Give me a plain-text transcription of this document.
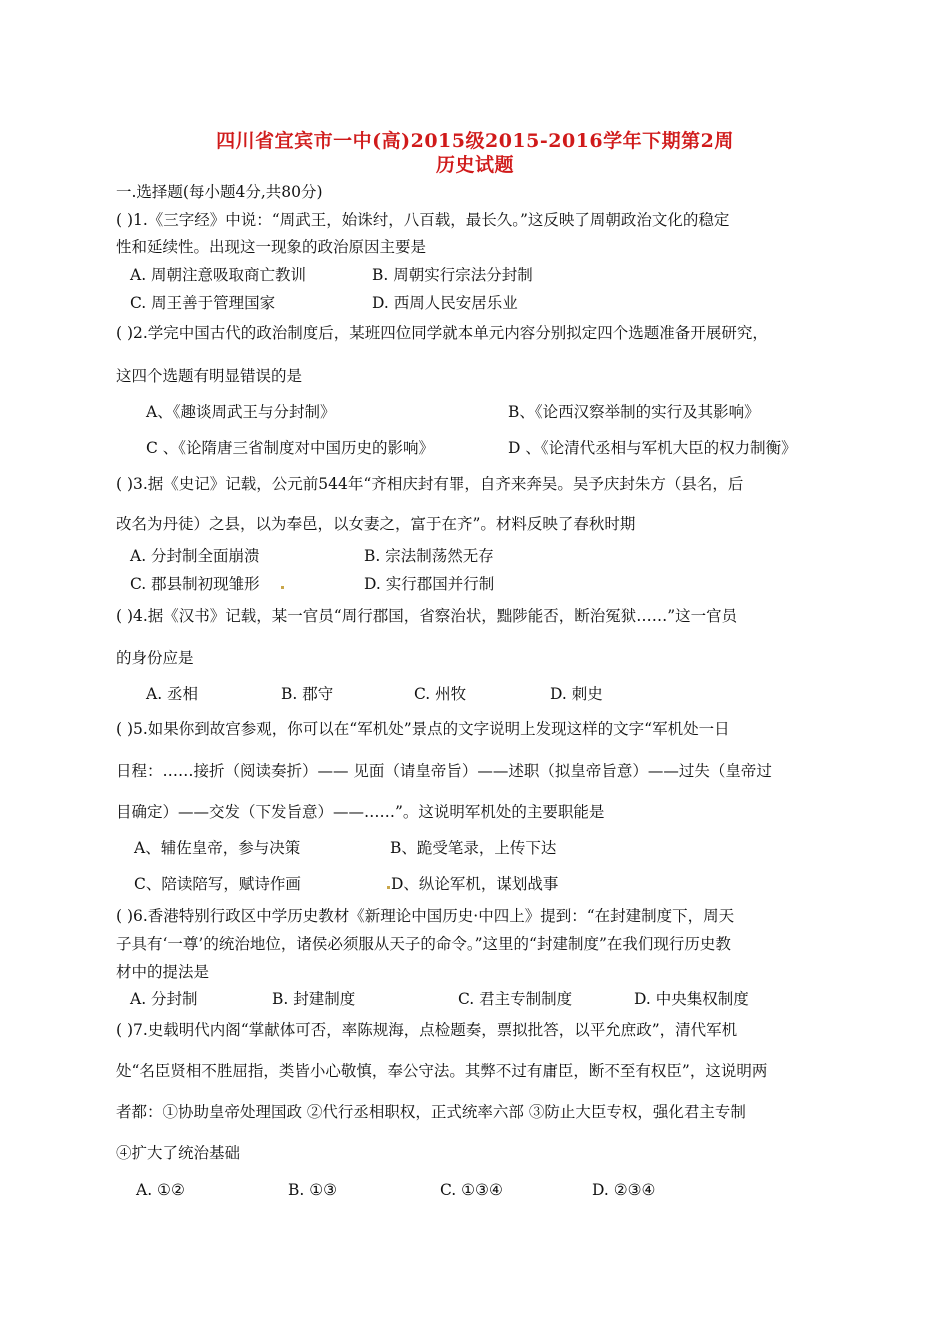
四川省宜宾市一中(高)2015级2015-2016学年下期第2周
历史试题
一.选择题(每小题4分,共80分)
( )1.《三字经》中说：“周武王，始诛纣，八百载，最长久。”这反映了周朝政治文化的稳定
性和延续性。出现这一现象的政治原因主要是
A. 周朝注意吸取商亡教训	B. 周朝实行宗法分封制
C. 周王善于管理国家	D. 西周人民安居乐业
( )2.学完中国古代的政治制度后，某班四位同学就本单元内容分别拟定四个选题准备开展研究，
这四个选题有明显错误的是
A、《趣谈周武王与分封制》	B、《论西汉察举制的实行及其影响》
C 、《论隋唐三省制度对中国历史的影响》	D 、《论清代丞相与军机大臣的权力制衡》
( )3.据《史记》记载，公元前544年“齐相庆封有罪，自齐来奔吴。吴予庆封朱方（县名，后
改名为丹徒）之县，以为奉邑，以女妻之，富于在齐”。材料反映了春秋时期
A. 分封制全面崩溃	B. 宗法制荡然无存
C. 郡县制初现雏形	D. 实行郡国并行制
( )4.据《汉书》记载，某一官员“周行郡国，省察治状，黜陟能否，断治冤狱……”这一官员
的身份应是
A. 丞相	B. 郡守	C. 州牧	D. 刺史
( )5.如果你到故宫参观，你可以在“军机处”景点的文字说明上发现这样的文字“军机处一日
日程：……接折（阅读奏折）—— 见面（请皇帝旨）——述职（拟皇帝旨意）——过失（皇帝过
目确定）——交发（下发旨意）——……”。这说明军机处的主要职能是
A、辅佐皇帝，参与决策	B、跪受笔录，上传下达
C、陪读陪写，赋诗作画	D、纵论军机，谋划战事
( )6.香港特别行政区中学历史教材《新理论中国历史·中四上》提到：“在封建制度下，周天
子具有‘一尊’的统治地位，诸侯必须服从天子的命令。”这里的“封建制度”在我们现行历史教
材中的提法是
A. 分封制	B. 封建制度	C. 君主专制制度	D. 中央集权制度
( )7.史载明代内阁“掌献体可否，率陈规海，点检题奏，票拟批答，以平允庶政”，清代军机
处“名臣贤相不胜屈指，类皆小心敬慎，奉公守法。其弊不过有庸臣，断不至有权臣”，这说明两
者都：①协助皇帝处理国政 ②代行丞相职权，正式统率六部 ③防止大臣专权，强化君主专制
④扩大了统治基础
A. ①②	B. ①③	C. ①③④	D. ②③④
